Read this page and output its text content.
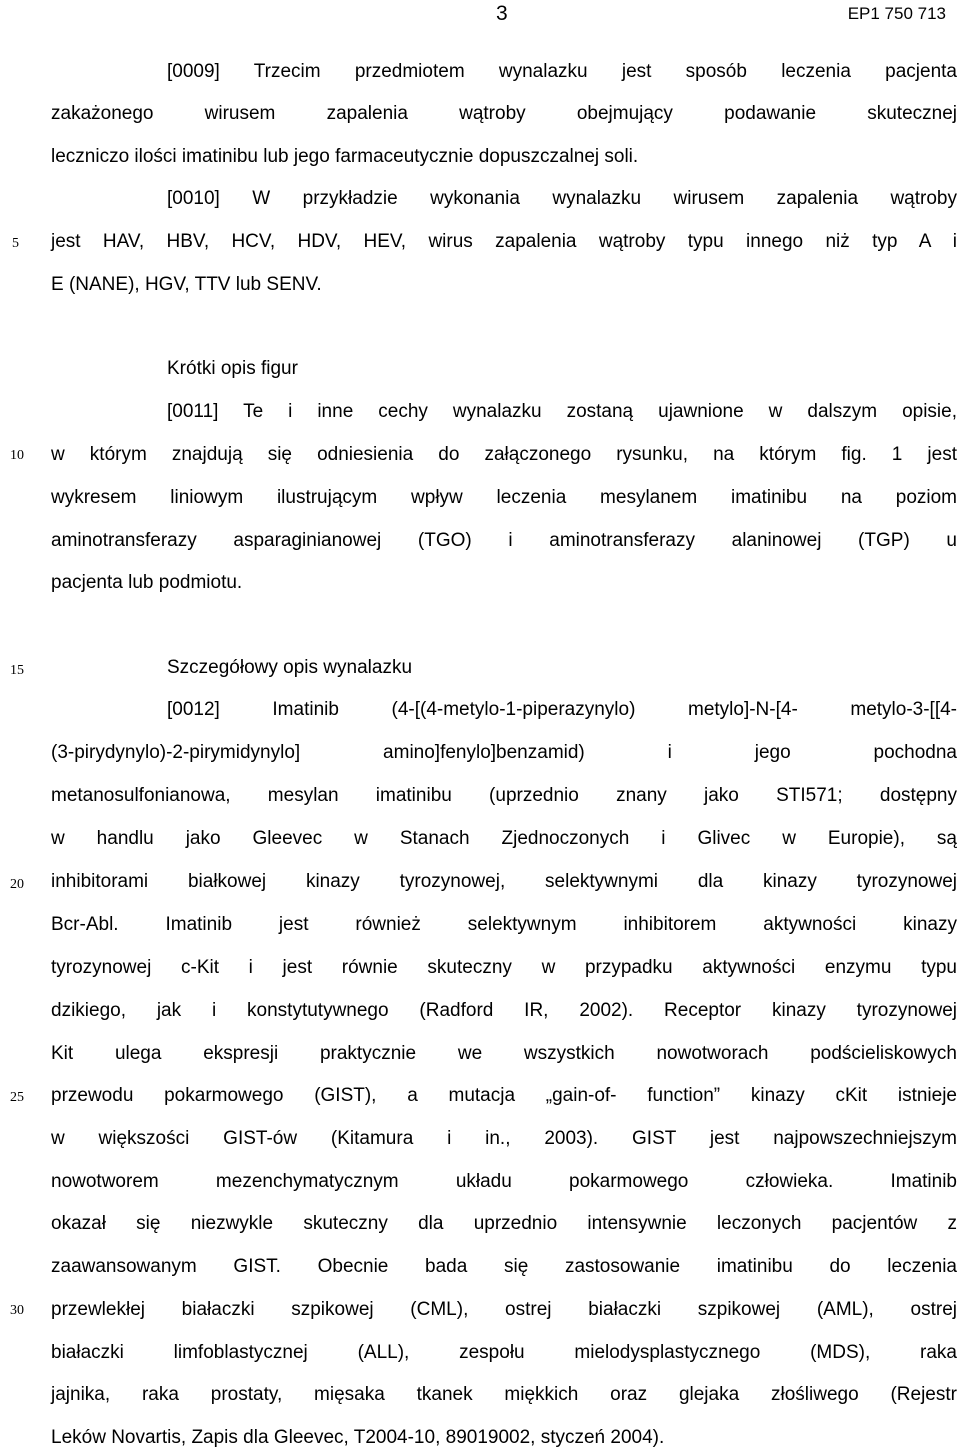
3	EP1 750 713
5
10
15
20
25
30
[0009] Trzecim przedmiotem wynalazku jest sposób leczenia pacjenta
zakażonego wirusem zapalenia wątroby obejmujący podawanie skutecznej
leczniczo ilości imatinibu lub jego farmaceutycznie dopuszczalnej soli.
[0010] W przykładzie wykonania wynalazku wirusem zapalenia wątroby
jest HAV, HBV, HCV, HDV, HEV, wirus zapalenia wątroby typu innego niż typ A i
E (NANE), HGV, TTV lub SENV.
Krótki opis figur
[0011] Te i inne cechy wynalazku zostaną ujawnione w dalszym opisie,
w którym znajdują się odniesienia do załączonego rysunku, na którym fig. 1 jest
wykresem liniowym ilustrującym wpływ leczenia mesylanem imatinibu na poziom
aminotransferazy asparaginianowej (TGO) i aminotransferazy alaninowej (TGP) u
pacjenta lub podmiotu.
Szczegółowy opis wynalazku
[0012] Imatinib (4-[(4-metylo-1-piperazynylo) metylo]-N-[4- metylo-3-[[4-
(3-pirydynylo)-2-pirymidynylo] amino]fenylo]benzamid) i jego pochodna
metanosulfonianowa, mesylan imatinibu (uprzednio znany jako STI571; dostępny
w handlu jako Gleevec w Stanach Zjednoczonych i Glivec w Europie), są
inhibitorami białkowej kinazy tyrozynowej, selektywnymi dla kinazy tyrozynowej
Bcr-Abl. Imatinib jest również selektywnym inhibitorem aktywności kinazy
tyrozynowej c-Kit i jest równie skuteczny w przypadku aktywności enzymu typu
dzikiego, jak i konstytutywnego (Radford IR, 2002). Receptor kinazy tyrozynowej
Kit ulega ekspresji praktycznie we wszystkich nowotworach podścieliskowych
przewodu pokarmowego (GIST), a mutacja „gain-of- function” kinazy cKit istnieje
w większości GIST-ów (Kitamura i in., 2003). GIST jest najpowszechniejszym
nowotworem mezenchymatycznym układu pokarmowego człowieka. Imatinib
okazał się niezwykle skuteczny dla uprzednio intensywnie leczonych pacjentów z
zaawansowanym GIST. Obecnie bada się zastosowanie imatinibu do leczenia
przewlekłej białaczki szpikowej (CML), ostrej białaczki szpikowej (AML), ostrej
białaczki limfoblastycznej (ALL), zespołu mielodysplastycznego (MDS), raka
jajnika, raka prostaty, mięsaka tkanek miękkich oraz glejaka złośliwego (Rejestr
Leków Novartis, Zapis dla Gleevec, T2004-10, 89019002, styczeń 2004).
